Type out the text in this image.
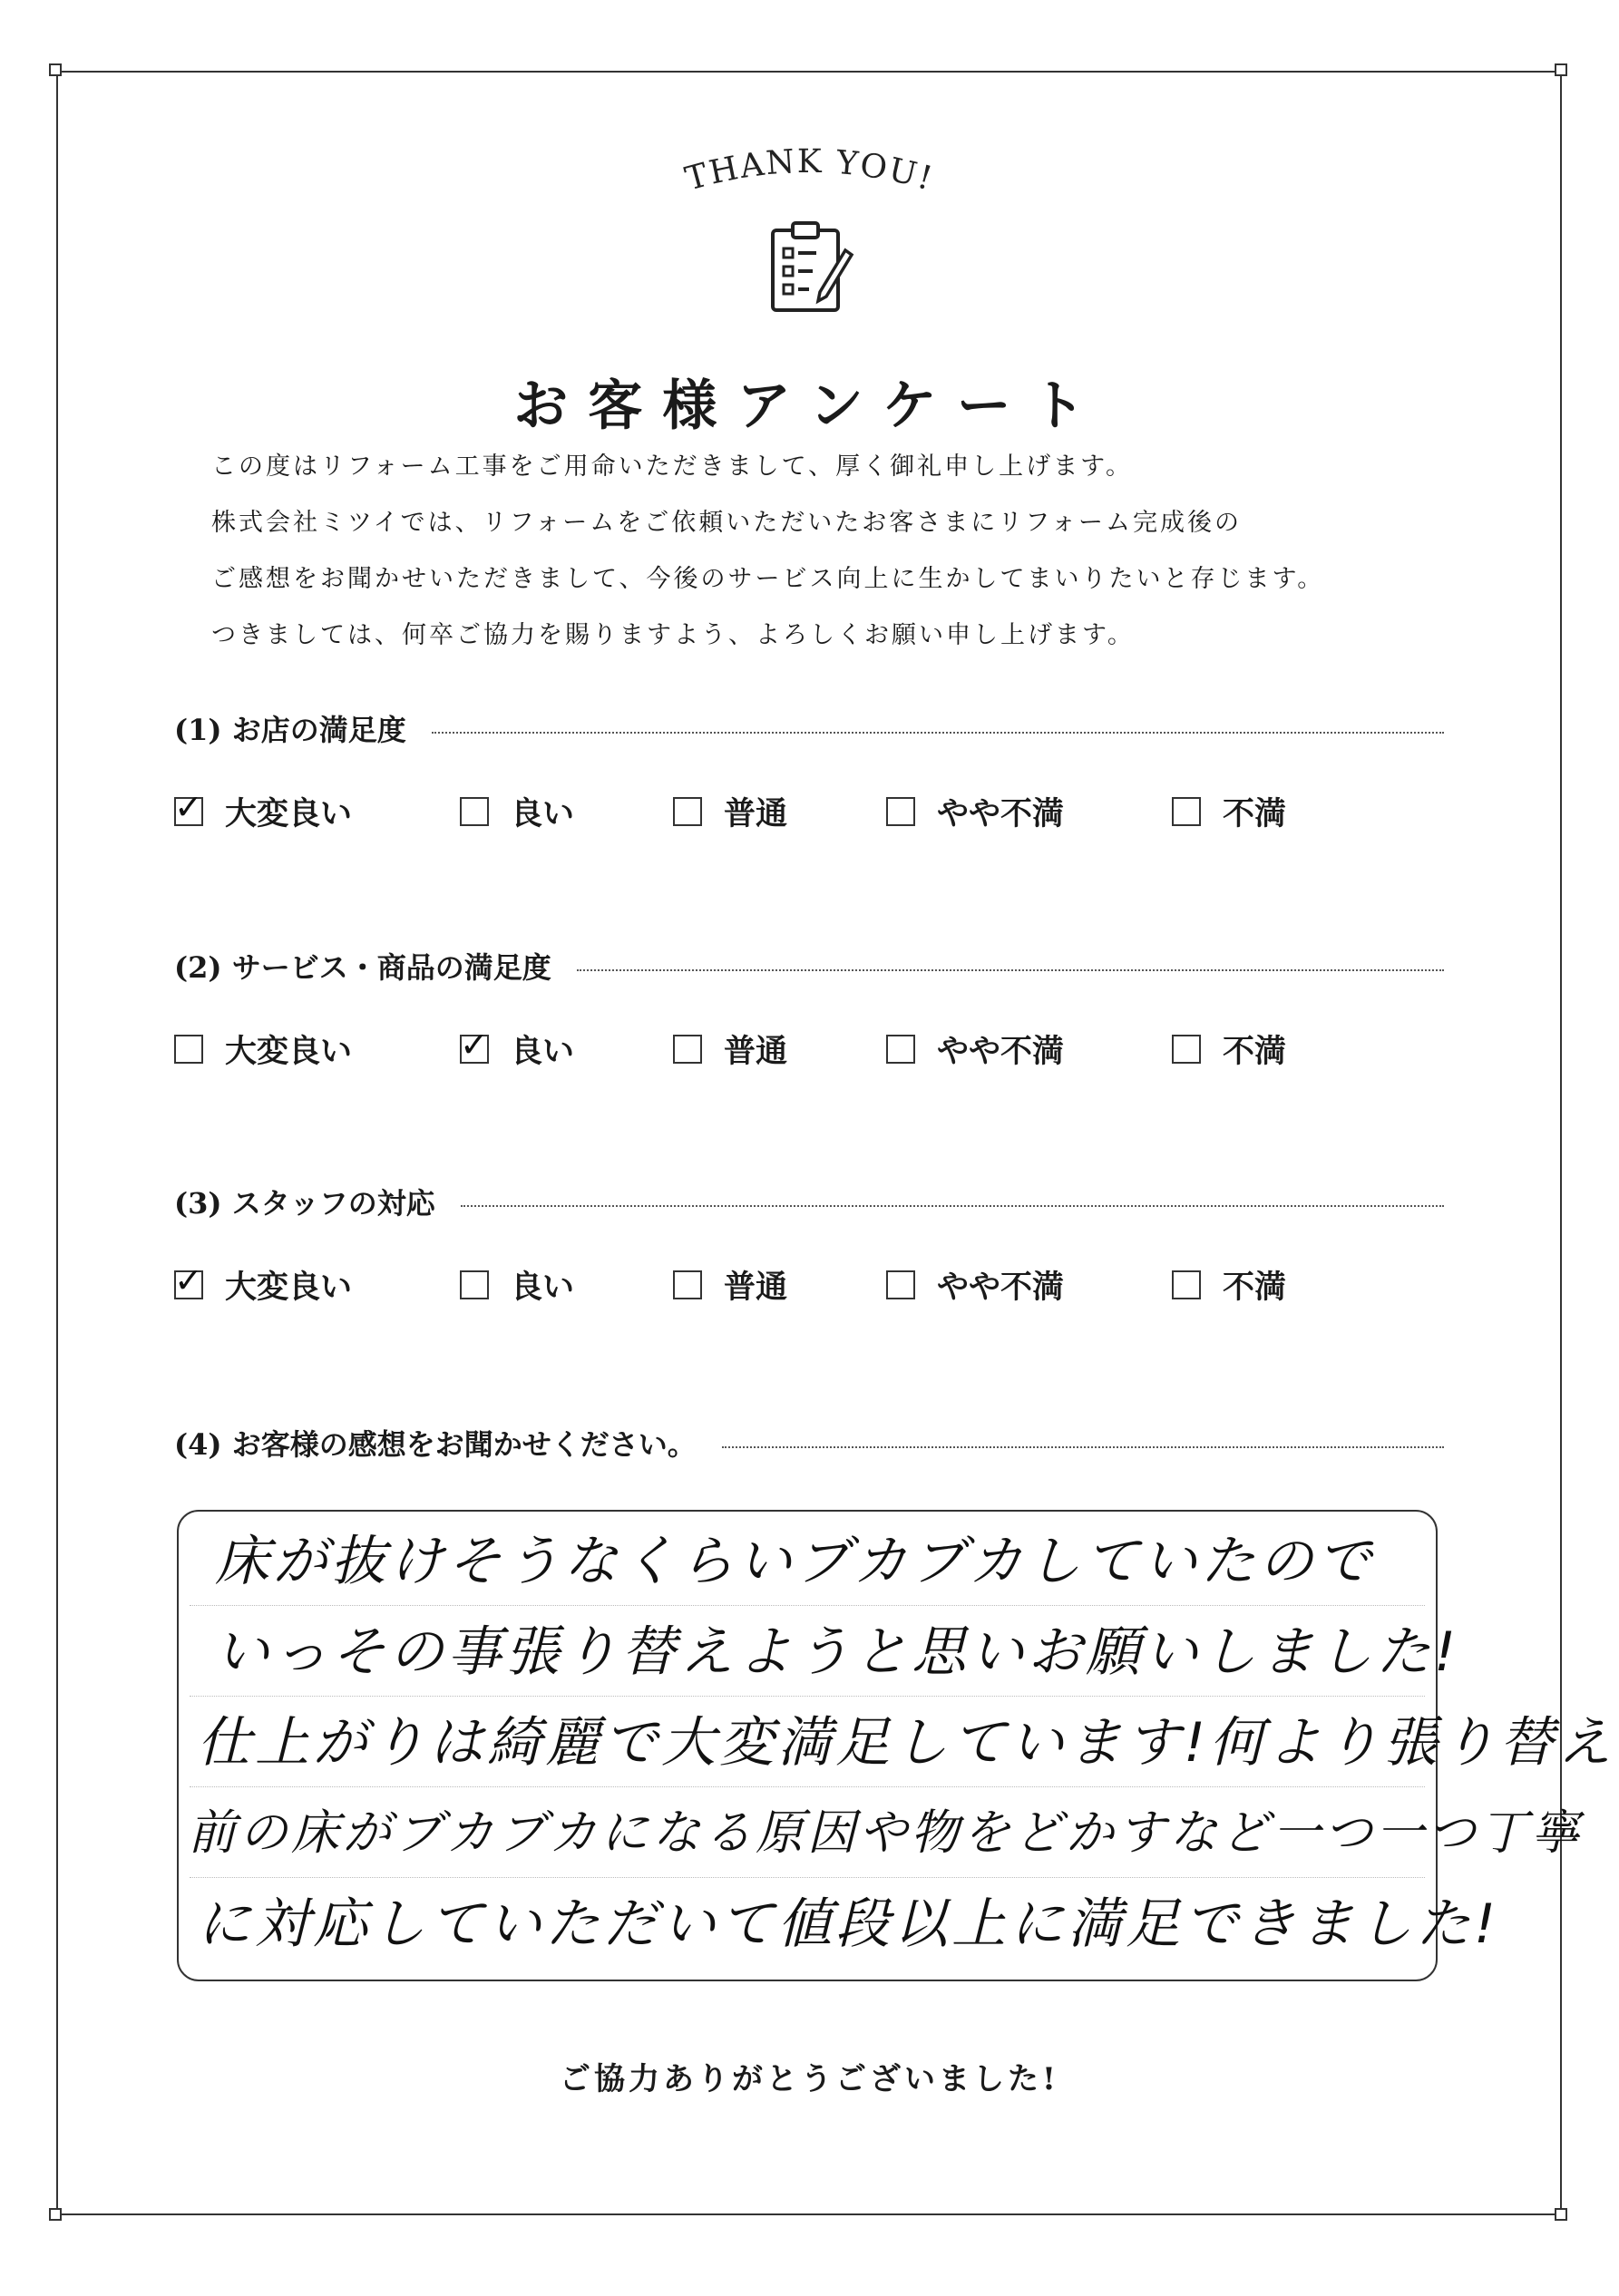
THANK YOU!
お客様アンケート

この度はリフォーム工事をご用命いただきまして、厚く御礼申し上げます。

株式会社ミツイでは、リフォームをご依頼いただいたお客さまにリフォーム完成後の

ご感想をお聞かせいただきまして、今後のサービス向上に生かしてまいりたいと存じます。

つきましては、何卒ご協力を賜りますよう、よろしくお願い申し上げます。

(1) お店の満足度
✓ 大変良い	良い	普通	やや不満	不満
(2) サービス・商品の満足度
大変良い	✓ 良い	普通	やや不満	不満
(3) スタッフの対応
✓ 大変良い	良い	普通	やや不満	不満
(4) お客様の感想をお聞かせください。
床が抜けそうなくらいブカブカしていたので
いっその事張り替えようと思いお願いしました!
仕上がりは綺麗で大変満足しています!何より張り替え
前の床がブカブカになる原因や物をどかすなど一つ一つ丁寧
に対応していただいて値段以上に満足できました!
ご協力ありがとうございました!
